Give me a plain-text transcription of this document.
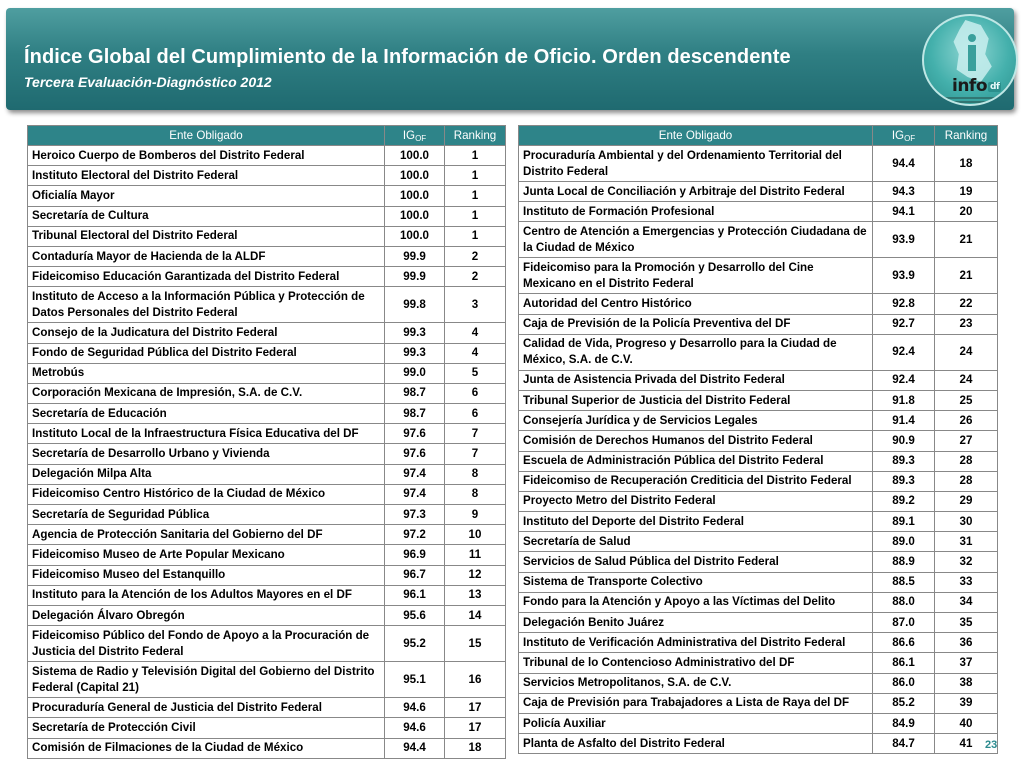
Índice Global del Cumplimiento de la Información de Oficio. Orden descendente
Tercera Evaluación-Diagnóstico 2012	info df
Ente Obligado	$IG_{OF}$	Ranking
Heroico Cuerpo de Bomberos del Distrito Federal	100.0	1
Instituto Electoral del Distrito Federal	100.0	1
Oficialía Mayor	100.0	1
Secretaría de Cultura	100.0	1
Tribunal Electoral del Distrito Federal	100.0	1
Contaduría Mayor de Hacienda de la ALDF	99.9	2
Fideicomiso Educación Garantizada del Distrito Federal	99.9	2
Instituto de Acceso a la Información Pública y Protección de Datos Personales del Distrito Federal	99.8	3
Consejo de la Judicatura del Distrito Federal	99.3	4
Fondo de Seguridad Pública del Distrito Federal	99.3	4
Metrobús	99.0	5
Corporación Mexicana de Impresión, S.A. de C.V.	98.7	6
Secretaría de Educación	98.7	6
Instituto Local de la Infraestructura Física Educativa del DF	97.6	7
Secretaría de Desarrollo Urbano y Vivienda	97.6	7
Delegación Milpa Alta	97.4	8
Fideicomiso Centro Histórico de la Ciudad de México	97.4	8
Secretaría de Seguridad Pública	97.3	9
Agencia de Protección Sanitaria del Gobierno del DF	97.2	10
Fideicomiso Museo de Arte Popular Mexicano	96.9	11
Fideicomiso Museo del Estanquillo	96.7	12
Instituto para la Atención de los Adultos Mayores en el DF	96.1	13
Delegación Álvaro Obregón	95.6	14
Fideicomiso Público del Fondo de Apoyo a la Procuración de Justicia del Distrito Federal	95.2	15
Sistema de Radio y Televisión Digital del Gobierno del Distrito Federal (Capital 21)	95.1	16
Procuraduría General de Justicia del Distrito Federal	94.6	17
Secretaría de Protección Civil	94.6	17
Comisión de Filmaciones de la Ciudad de México	94.4	18
Ente Obligado	$IG_{OF}$	Ranking
Procuraduría Ambiental y del Ordenamiento Territorial del Distrito Federal	94.4	18
Junta Local de Conciliación y Arbitraje del Distrito Federal	94.3	19
Instituto de Formación Profesional	94.1	20
Centro de Atención a Emergencias y Protección Ciudadana de la Ciudad de México	93.9	21
Fideicomiso para la Promoción y Desarrollo del Cine Mexicano en el Distrito Federal	93.9	21
Autoridad del Centro Histórico	92.8	22
Caja de Previsión de la Policía Preventiva del DF	92.7	23
Calidad de Vida, Progreso y Desarrollo para la Ciudad de México, S.A. de C.V.	92.4	24
Junta de Asistencia Privada del Distrito Federal	92.4	24
Tribunal Superior de Justicia del Distrito Federal	91.8	25
Consejería Jurídica y de Servicios Legales	91.4	26
Comisión de Derechos Humanos del Distrito Federal	90.9	27
Escuela de Administración Pública del Distrito Federal	89.3	28
Fideicomiso de Recuperación Crediticia del Distrito Federal	89.3	28
Proyecto Metro del Distrito Federal	89.2	29
Instituto del Deporte del Distrito Federal	89.1	30
Secretaría de Salud	89.0	31
Servicios de Salud Pública del Distrito Federal	88.9	32
Sistema de Transporte Colectivo	88.5	33
Fondo para la Atención y Apoyo a las Víctimas del Delito	88.0	34
Delegación Benito Juárez	87.0	35
Instituto de Verificación Administrativa del Distrito Federal	86.6	36
Tribunal de lo Contencioso Administrativo del DF	86.1	37
Servicios Metropolitanos, S.A. de C.V.	86.0	38
Caja de Previsión para Trabajadores a Lista de Raya del DF	85.2	39
Policía Auxiliar	84.9	40
Planta de Asfalto del Distrito Federal	84.7	41 23
